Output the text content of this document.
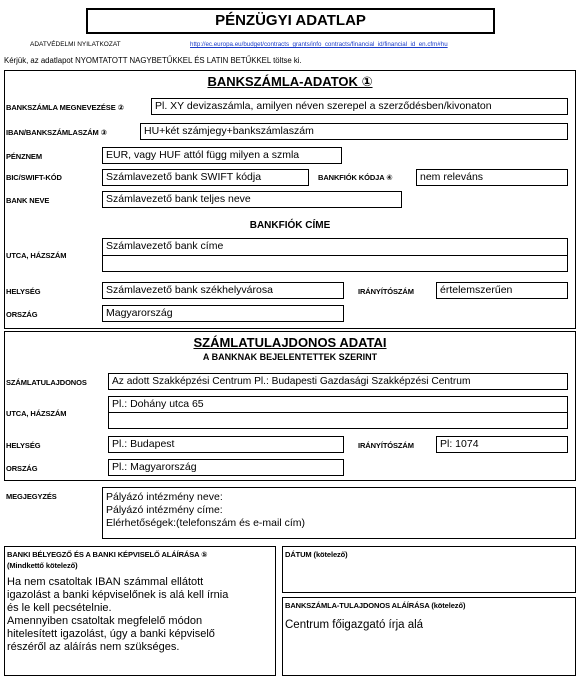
PÉNZÜGYI ADATLAP
ADATVÉDELMI NYILATKOZAT	http://ec.europa.eu/budget/contracts_grants/info_contracts/financial_id/financial_id_en.cfm#hu
Kérjük, az adatlapot NYOMTATOTT NAGYBETŰKKEL ÉS LATIN BETŰKKEL töltse ki.
BANKSZÁMLA-ADATOK ①
BANKSZÁMLA MEGNEVEZÉSE ②	Pl. XY devizaszámla, amilyen néven szerepel a szerződésben/kivonaton
IBAN/BANKSZÁMLASZÁM ③	HU+két számjegy+bankszámlaszám
PÉNZNEM	EUR, vagy HUF attól függ milyen a szmla
BIC/SWIFT-KÓD	Számlavezető bank SWIFT kódja	BANKFIÓK KÓDJA ④	nem releváns
BANK NEVE	Számlavezető bank teljes neve
BANKFIÓK CÍME
UTCA, HÁZSZÁM
Számlavezető bank címe
HELYSÉG	Számlavezető bank székhelyvárosa	IRÁNYÍTÓSZÁM	értelemszerűen
ORSZÁG	Magyarország
SZÁMLATULAJDONOS ADATAI
A BANKNAK BEJELENTETTEK SZERINT
SZÁMLATULAJDONOS	Az adott Szakképzési Centrum Pl.: Budapesti Gazdasági Szakképzési Centrum
UTCA, HÁZSZÁM
Pl.: Dohány utca 65
HELYSÉG	Pl.: Budapest	IRÁNYÍTÓSZÁM	Pl: 1074
ORSZÁG	Pl.: Magyarország
MEGJEGYZÉS	Pályázó intézmény neve:
Pályázó intézmény címe:
Elérhetőségek:(telefonszám és e-mail cím)
BANKI BÉLYEGZŐ ÉS A BANKI KÉPVISELŐ ALÁÍRÁSA ⑤
(Mindkettő kötelező)
Ha nem csatoltak IBAN számmal ellátott
igazolást a banki képviselőnek is alá kell írnia
és le kell pecsételnie.
Amennyiben csatoltak megfelelő módon
hitelesített igazolást, úgy a banki képviselő
részéről az aláírás nem szükséges.
DÁTUM (kötelező)
BANKSZÁMLA-TULAJDONOS ALÁÍRÁSA (kötelező)
Centrum főigazgató írja alá
